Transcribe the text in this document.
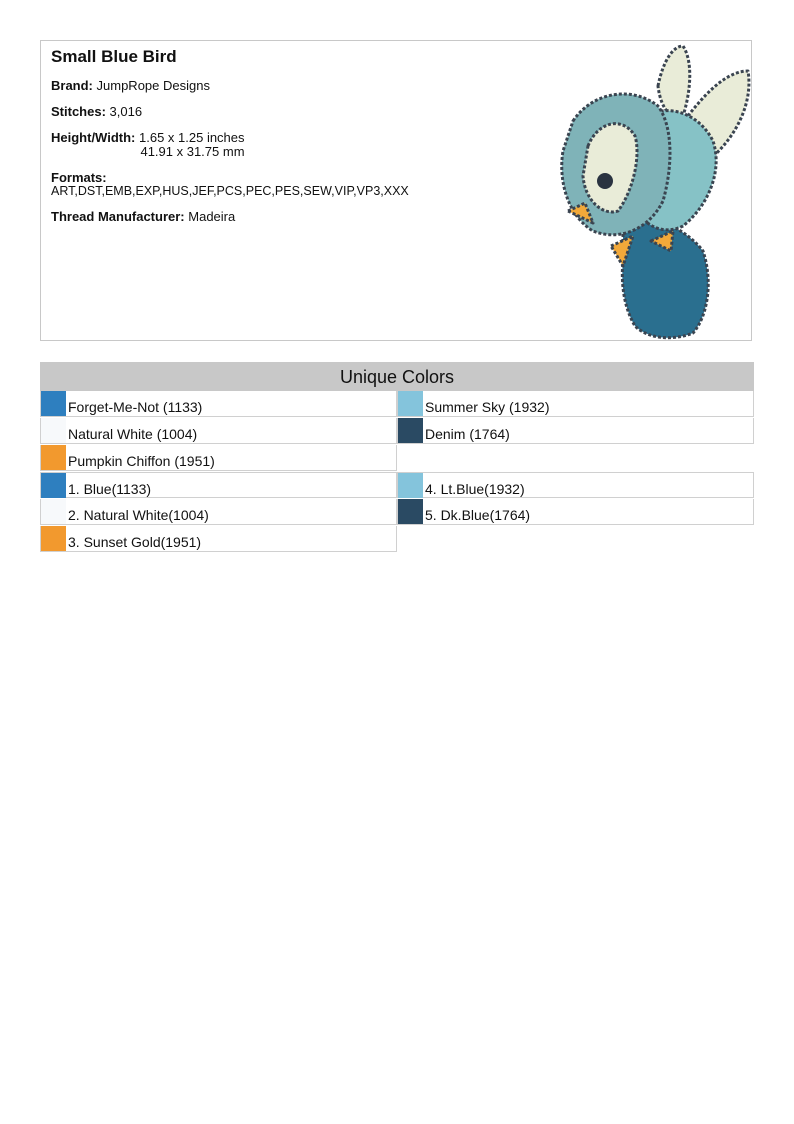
Small Blue Bird
Brand: JumpRope Designs
Stitches: 3,016
Height/Width:
1.65 x 1.25 inches
41.91 x 31.75 mm
Formats:
ART,DST,EMB,EXP,HUS,JEF,PCS,PEC,PES,SEW,VIP,VP3,XXX
Thread Manufacturer: Madeira
Unique Colors
Forget-Me-Not (1133)	Summer Sky (1932)
Natural White (1004)	Denim (1764)
Pumpkin Chiffon (1951)
1. Blue(1133)	4. Lt.Blue(1932)
2. Natural White(1004)	5. Dk.Blue(1764)
3. Sunset Gold(1951)
